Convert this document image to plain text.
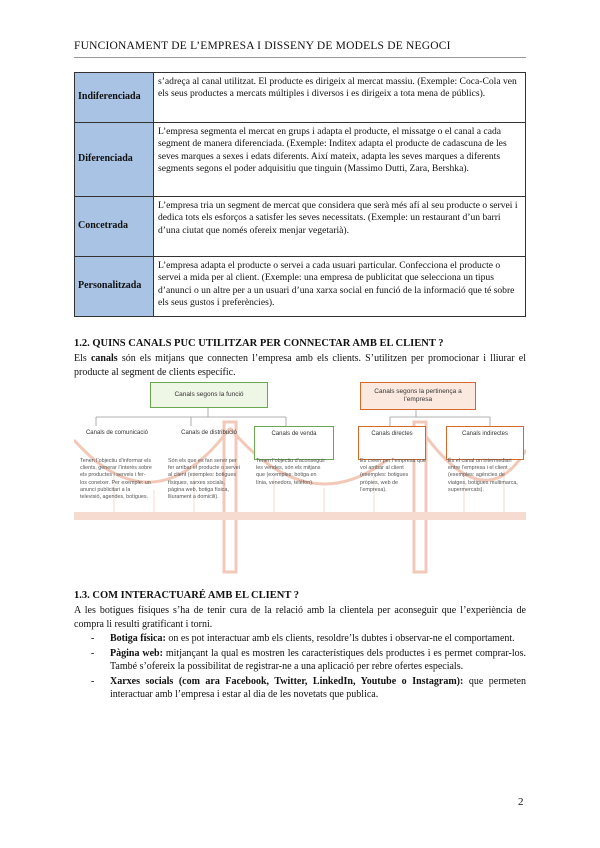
FUNCIONAMENT DE L’EMPRESA I DISSENY DE MODELS DE NEGOCI
Indiferenciada	s’adreça al canal utilitzat. El producte es dirigeix al mercat massiu. (Exemple: Coca-Cola ven els seus productes a mercats múltiples i diversos i es dirigeix a tota mena de públics).
Diferenciada	L’empresa segmenta el mercat en grups i adapta el producte, el missatge o el canal a cada segment de manera diferenciada. (Exemple: Inditex adapta el producte de cadascuna de les seves marques a sexes i edats diferents. Així mateix, adapta les seves marques a diferents segments segons el poder adquisitiu que tinguin (Massimo Dutti, Zara, Bershka).
Concetrada	L’empresa tria un segment de mercat que considera que serà més afí al seu producte o servei i dedica tots els esforços a satisfer les seves necessitats. (Exemple: un restaurant d’un barri d’una ciutat que només ofereix menjar vegetarià).
Personalitzada	L’empresa adapta el producte o servei a cada usuari particular. Confecciona el producte o servei a mida per al client. (Exemple: una empresa de publicitat que selecciona un tipus d’anunci o un altre per a un usuari d’una xarxa social en funció de la informació que té sobre els seus gustos i preferències).
1.2. QUINS CANALS PUC UTILITZAR PER CONNECTAR AMB EL CLIENT ?
Els canals són els mitjans que connecten l’empresa amb els clients. S’utilitzen per promocionar i lliurar el producte al segment de clients específic.
Canals segons la funció	Canals segons la pertinença a l’empresa
Canals de comunicació
Tenen l’objectiu d’informar els clients, generar l’interès sobre els productes i serveis i fer-los coneixer. Per exemple: un anunci publicitari a la televisió, agendes, botigues.
Canals de distribució
Són els que es fan servir per fer arribar el producte o servei al client (exemples: botigues físiques, xarxes socials, pàgina web, botiga física, lliurament a domicili).
Canals de venda
Tenen l’objectiu d’aconseguir les vendes, són els mitjans que (exemples: botiga en línia, venedors, telèfon).
Canals directes
Es creen per l’empresa que vol arribar al client (exemples: botigues pròpies, web de l’empresa).
Canals indirectes
És el canal un intermediari entre l’empresa i el client (exemples: agències de viatges, botigues multimarca, supermercats).
1.3. COM INTERACTUARÉ AMB EL CLIENT ?
A les botigues físiques s’ha de tenir cura de la relació amb la clientela per aconseguir que l’experiència de compra li resulti gratificant i torni.
- Botiga física: on es pot interactuar amb els clients, resoldre’ls dubtes i observar-ne el comportament.
- Pàgina web: mitjançant la qual es mostren les característiques dels productes i es permet comprar-los. També s’ofereix la possibilitat de registrar-ne a una aplicació per rebre ofertes especials.
- Xarxes socials (com ara Facebook, Twitter, LinkedIn, Youtube o Instagram): que permeten interactuar amb l’empresa i estar al dia de les novetats que publica.
2
